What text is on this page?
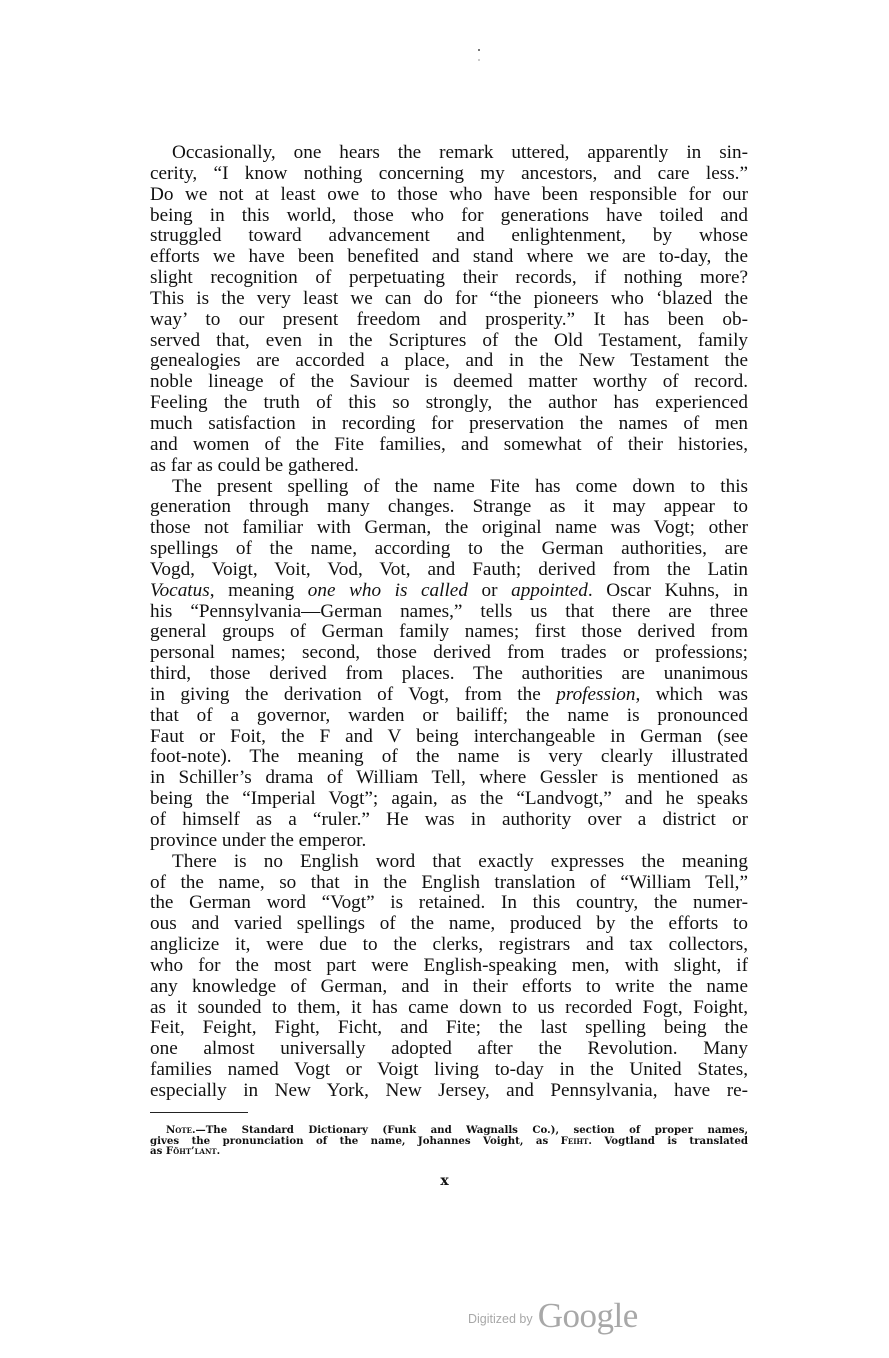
Occasionally, one hears the remark uttered, apparently in sin-
cerity, “I know nothing concerning my ancestors, and care less.”
Do we not at least owe to those who have been responsible for our
being in this world, those who for generations have toiled and
struggled toward advancement and enlightenment, by whose
efforts we have been benefited and stand where we are to-day, the
slight recognition of perpetuating their records, if nothing more?
This is the very least we can do for “the pioneers who ‘blazed the
way’ to our present freedom and prosperity.” It has been ob-
served that, even in the Scriptures of the Old Testament, family
genealogies are accorded a place, and in the New Testament the
noble lineage of the Saviour is deemed matter worthy of record.
Feeling the truth of this so strongly, the author has experienced
much satisfaction in recording for preservation the names of men
and women of the Fite families, and somewhat of their histories,
as far as could be gathered.
The present spelling of the name Fite has come down to this
generation through many changes. Strange as it may appear to
those not familiar with German, the original name was Vogt; other
spellings of the name, according to the German authorities, are
Vogd, Voigt, Voit, Vod, Vot, and Fauth; derived from the Latin
Vocatus, meaning one who is called or appointed. Oscar Kuhns, in
his “Pennsylvania—German names,” tells us that there are three
general groups of German family names; first those derived from
personal names; second, those derived from trades or professions;
third, those derived from places. The authorities are unanimous
in giving the derivation of Vogt, from the profession, which was
that of a governor, warden or bailiff; the name is pronounced
Faut or Foit, the F and V being interchangeable in German (see
foot-note). The meaning of the name is very clearly illustrated
in Schiller’s drama of William Tell, where Gessler is mentioned as
being the “Imperial Vogt”; again, as the “Landvogt,” and he speaks
of himself as a “ruler.” He was in authority over a district or
province under the emperor.
There is no English word that exactly expresses the meaning
of the name, so that in the English translation of “William Tell,”
the German word “Vogt” is retained. In this country, the numer-
ous and varied spellings of the name, produced by the efforts to
anglicize it, were due to the clerks, registrars and tax collectors,
who for the most part were English-speaking men, with slight, if
any knowledge of German, and in their efforts to write the name
as it sounded to them, it has came down to us recorded Fogt, Foight,
Feit, Feight, Fight, Ficht, and Fite; the last spelling being the
one almost universally adopted after the Revolution. Many
families named Vogt or Voigt living to-day in the United States,
especially in New York, New Jersey, and Pennsylvania, have re-
Note.—The Standard Dictionary (Funk and Wagnalls Co.), section of proper names,
gives the pronunciation of the name, Johannes Voight, as Feiht. Vogtland is translated
as Föht’lant.
x
$^{Digitized by}$ Google
